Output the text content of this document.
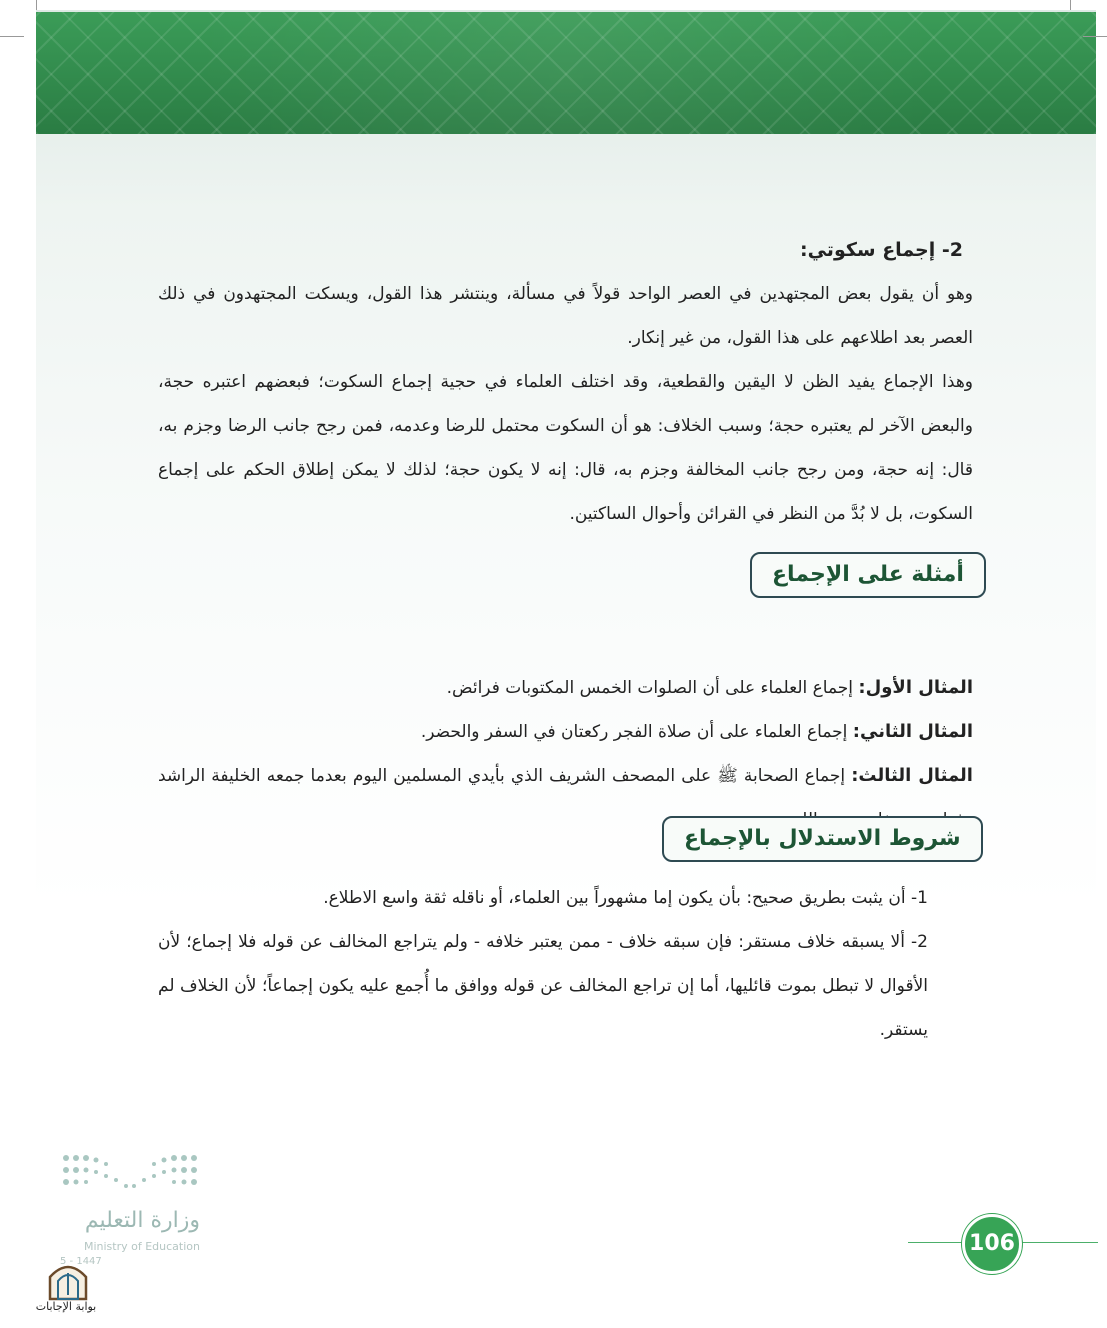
2- إجماع سكوتي:

وهو أن يقول بعض المجتهدين في العصر الواحد قولاً في مسألة، وينتشر هذا القول، ويسكت المجتهدون في ذلك العصر بعد اطلاعهم على هذا القول، من غير إنكار.

وهذا الإجماع يفيد الظن لا اليقين والقطعية، وقد اختلف العلماء في حجية إجماع السكوت؛ فبعضهم اعتبره حجة، والبعض الآخر لم يعتبره حجة؛ وسبب الخلاف: هو أن السكوت محتمل للرضا وعدمه، فمن رجح جانب الرضا وجزم به، قال: إنه حجة، ومن رجح جانب المخالفة وجزم به، قال: إنه لا يكون حجة؛ لذلك لا يمكن إطلاق الحكم على إجماع السكوت، بل لا بُدَّ من النظر في القرائن وأحوال الساكتين.

المثال الأول: إجماع العلماء على أن الصلوات الخمس المكتوبات فرائض.

المثال الثاني: إجماع العلماء على أن صلاة الفجر ركعتان في السفر والحضر.

المثال الثالث: إجماع الصحابة ﷺ على المصحف الشريف الذي بأيدي المسلمين اليوم بعدما جمعه الخليفة الراشد

أمثلة على الإجماع
شروط الاستدلال بالإجماع

1- أن يثبت بطريق صحيح: بأن يكون إما مشهوراً بين العلماء، أو ناقله ثقة واسع الاطلاع.

2- ألا يسبقه خلاف مستقر: فإن سبقه خلاف - ممن يعتبر خلافه - ولم يتراجع المخالف عن قوله فلا إجماع؛ لأن الأقوال لا تبطل بموت قائليها، أما إن تراجع المخالف عن قوله ووافق ما أُجمع عليه يكون إجماعاً؛ لأن الخلاف لم يستقر.

وزارة التعليم
Ministry of Education
5 - 1447
بوابة الإجابات
106
